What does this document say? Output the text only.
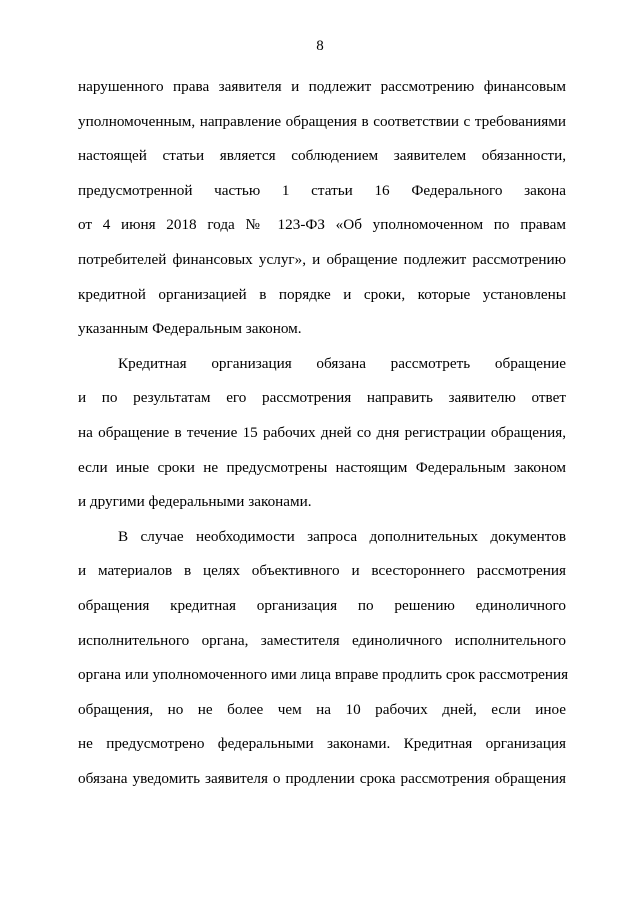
8
нарушенного права заявителя и подлежит рассмотрению финансовым
уполномоченным, направление обращения в соответствии с требованиями
настоящей статьи является соблюдением заявителем обязанности,
предусмотренной частью 1 статьи 16 Федерального закона
от 4 июня 2018 года № 123-ФЗ «Об уполномоченном по правам
потребителей финансовых услуг», и обращение подлежит рассмотрению
кредитной организацией в порядке и сроки, которые установлены
указанным Федеральным законом.
Кредитная организация обязана рассмотреть обращение
и по результатам его рассмотрения направить заявителю ответ
на обращение в течение 15 рабочих дней со дня регистрации обращения,
если иные сроки не предусмотрены настоящим Федеральным законом
и другими федеральными законами.
В случае необходимости запроса дополнительных документов
и материалов в целях объективного и всестороннего рассмотрения
обращения кредитная организация по решению единоличного
исполнительного органа, заместителя единоличного исполнительного
органа или уполномоченного ими лица вправе продлить срок рассмотрения
обращения, но не более чем на 10 рабочих дней, если иное
не предусмотрено федеральными законами. Кредитная организация
обязана уведомить заявителя о продлении срока рассмотрения обращения
